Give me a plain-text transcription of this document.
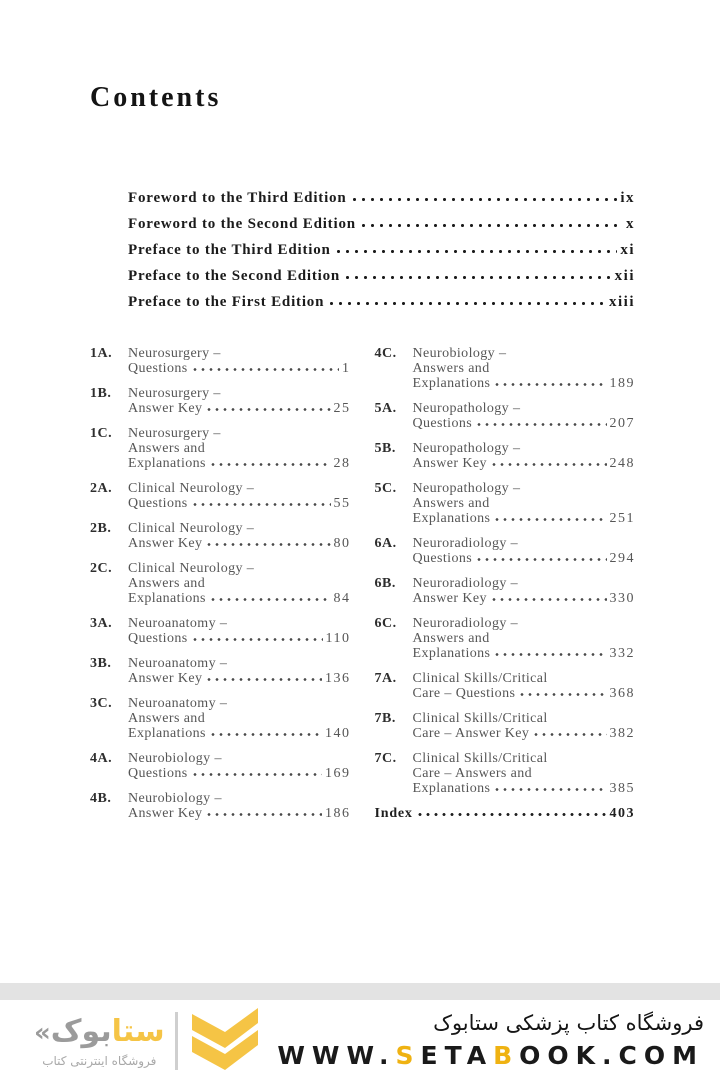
Contents
Foreword to the Third Edition	ix
Foreword to the Second Edition	x
Preface to the Third Edition	xi
Preface to the Second Edition	xii
Preface to the First Edition	xiii
1A.	Neurosurgery –
Questions	1
1B.	Neurosurgery –
Answer Key	25
1C.	Neurosurgery –
Answers and
Explanations	28
2A.	Clinical Neurology –
Questions	55
2B.	Clinical Neurology –
Answer Key	80
2C.	Clinical Neurology –
Answers and
Explanations	84
3A.	Neuroanatomy –
Questions	110
3B.	Neuroanatomy –
Answer Key	136
3C.	Neuroanatomy –
Answers and
Explanations	140
4A.	Neurobiology –
Questions	169
4B.	Neurobiology –
Answer Key	186
4C.	Neurobiology –
Answers and
Explanations	189
5A.	Neuropathology –
Questions	207
5B.	Neuropathology –
Answer Key	248
5C.	Neuropathology –
Answers and
Explanations	251
6A.	Neuroradiology –
Questions	294
6B.	Neuroradiology –
Answer Key	330
6C.	Neuroradiology –
Answers and
Explanations	332
7A.	Clinical Skills/Critical
Care – Questions	368
7B.	Clinical Skills/Critical
Care – Answer Key	382
7C.	Clinical Skills/Critical
Care – Answers and
Explanations	385
Index	403
ستابوک«
فروشگاه اینترنتی کتاب
فروشگاه کتاب پزشکی ستابوک
WWW.SETABOOK.COM
